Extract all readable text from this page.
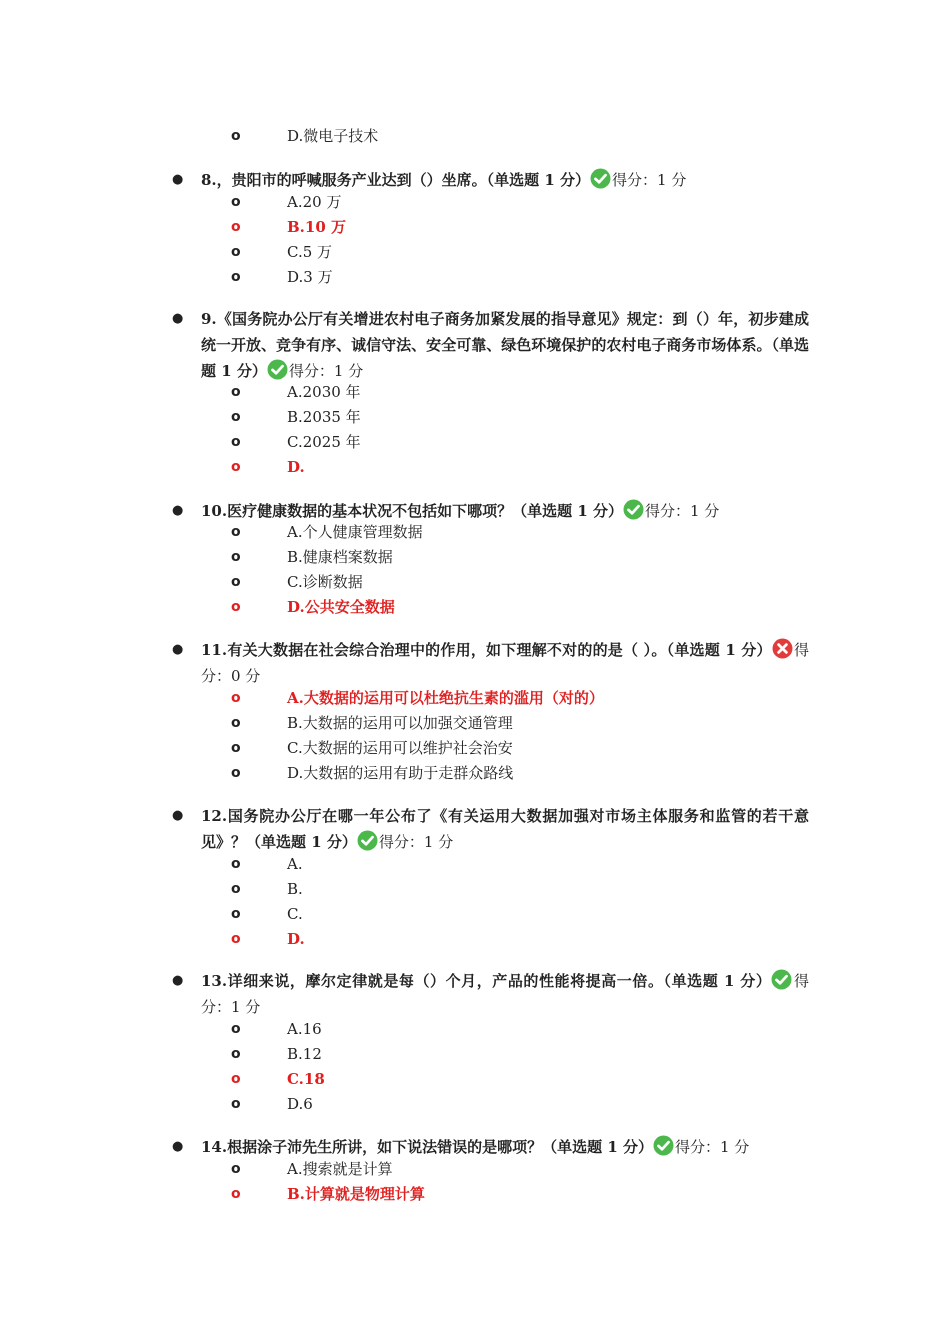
o	D.微电子技术
● 8.，贵阳市的呼喊服务产业达到（）坐席。（单选题 1 分） 得分：1 分
o	A.20 万
o	B.10 万
o	C.5 万
o	D.3 万
● 9.《国务院办公厅有关增进农村电子商务加紧发展的指导意见》规定：到（）年，初步建成统一开放、竞争有序、诚信守法、安全可靠、绿色环境保护的农村电子商务市场体系。（单选题 1 分） 得分：1 分
o	A.2030 年
o	B.2035 年
o	C.2025 年
o	D.
● 10.医疗健康数据的基本状况不包括如下哪项？（单选题 1 分） 得分：1 分
o	A.个人健康管理数据
o	B.健康档案数据
o	C.诊断数据
o	D.公共安全数据
● 11.有关大数据在社会综合治理中的作用，如下理解不对的的是（ ）。（单选题 1 分） 得分：0 分
o	A.大数据的运用可以杜绝抗生素的滥用（对的）
o	B.大数据的运用可以加强交通管理
o	C.大数据的运用可以维护社会治安
o	D.大数据的运用有助于走群众路线
● 12.国务院办公厅在哪一年公布了《有关运用大数据加强对市场主体服务和监管的若干意见》？（单选题 1 分） 得分：1 分
o	A.
o	B.
o	C.
o	D.
● 13.详细来说，摩尔定律就是每（）个月，产品的性能将提高一倍。（单选题 1 分） 得分：1 分
o	A.16
o	B.12
o	C.18
o	D.6
● 14.根据涂子沛先生所讲，如下说法错误的是哪项？（单选题 1 分） 得分：1 分
o	A.搜索就是计算
o	B.计算就是物理计算
